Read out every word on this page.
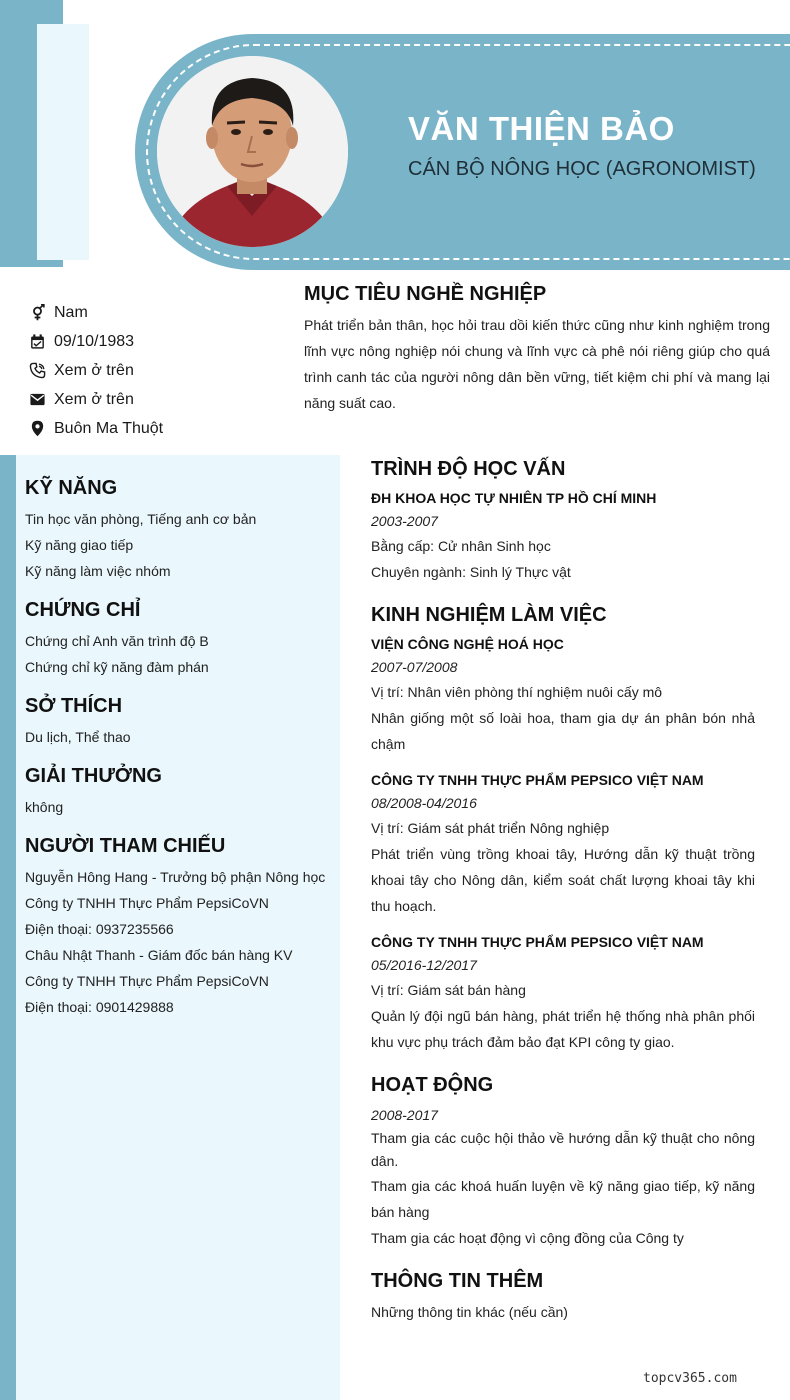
VĂN THIỆN BẢO
CÁN BỘ NÔNG HỌC (AGRONOMIST)
Nam
09/10/1983
Xem ở trên
Xem ở trên
Buôn Ma Thuột
MỤC TIÊU NGHỀ NGHIỆP

Phát triển bản thân, học hỏi trau dồi kiến thức cũng như kinh nghiệm trong lĩnh vực nông nghiệp nói chung và lĩnh vực cà phê nói riêng giúp cho quá trình canh tác của người nông dân bền vững, tiết kiệm chi phí và mang lại năng suất cao.

KỸ NĂNG
Tin học văn phòng, Tiếng anh cơ bản
Kỹ năng giao tiếp
Kỹ năng làm việc nhóm
CHỨNG CHỈ
Chứng chỉ Anh văn trình độ B
Chứng chỉ kỹ năng đàm phán
SỞ THÍCH
Du lịch, Thể thao
GIẢI THƯỞNG
không
NGƯỜI THAM CHIẾU
Nguyễn Hông Hang - Trưởng bộ phận Nông học
Công ty TNHH Thực Phẩm PepsiCoVN
Điện thoại: 0937235566
Châu Nhật Thanh - Giám đốc bán hàng KV
Công ty TNHH Thực Phẩm PepsiCoVN
Điện thoại: 0901429888
TRÌNH ĐỘ HỌC VẤN
ĐH KHOA HỌC TỰ NHIÊN TP HỒ CHÍ MINH
2003-2007
Bằng cấp: Cử nhân Sinh học
Chuyên ngành: Sinh lý Thực vật
KINH NGHIỆM LÀM VIỆC
VIỆN CÔNG NGHỆ HOÁ HỌC
2007-07/2008
Vị trí: Nhân viên phòng thí nghiệm nuôi cấy mô
Nhân giống một số loài hoa, tham gia dự án phân bón nhả chậm
CÔNG TY TNHH THỰC PHẨM PEPSICO VIỆT NAM
08/2008-04/2016
Vị trí: Giám sát phát triển Nông nghiệp
Phát triển vùng trồng khoai tây, Hướng dẫn kỹ thuật trồng khoai tây cho Nông dân, kiểm soát chất lượng khoai tây khi thu hoạch.
CÔNG TY TNHH THỰC PHẨM PEPSICO VIỆT NAM
05/2016-12/2017
Vị trí: Giám sát bán hàng
Quản lý đội ngũ bán hàng, phát triển hệ thống nhà phân phối khu vực phụ trách đảm bảo đạt KPI công ty giao.
HOẠT ĐỘNG
2008-2017
Tham gia các cuộc hội thảo về hướng dẫn kỹ thuật cho nông dân.
Tham gia các khoá huấn luyện về kỹ năng giao tiếp, kỹ năng bán hàng
Tham gia các hoạt động vì cộng đồng của Công ty
THÔNG TIN THÊM
Những thông tin khác (nếu cần)
topcv365.com
